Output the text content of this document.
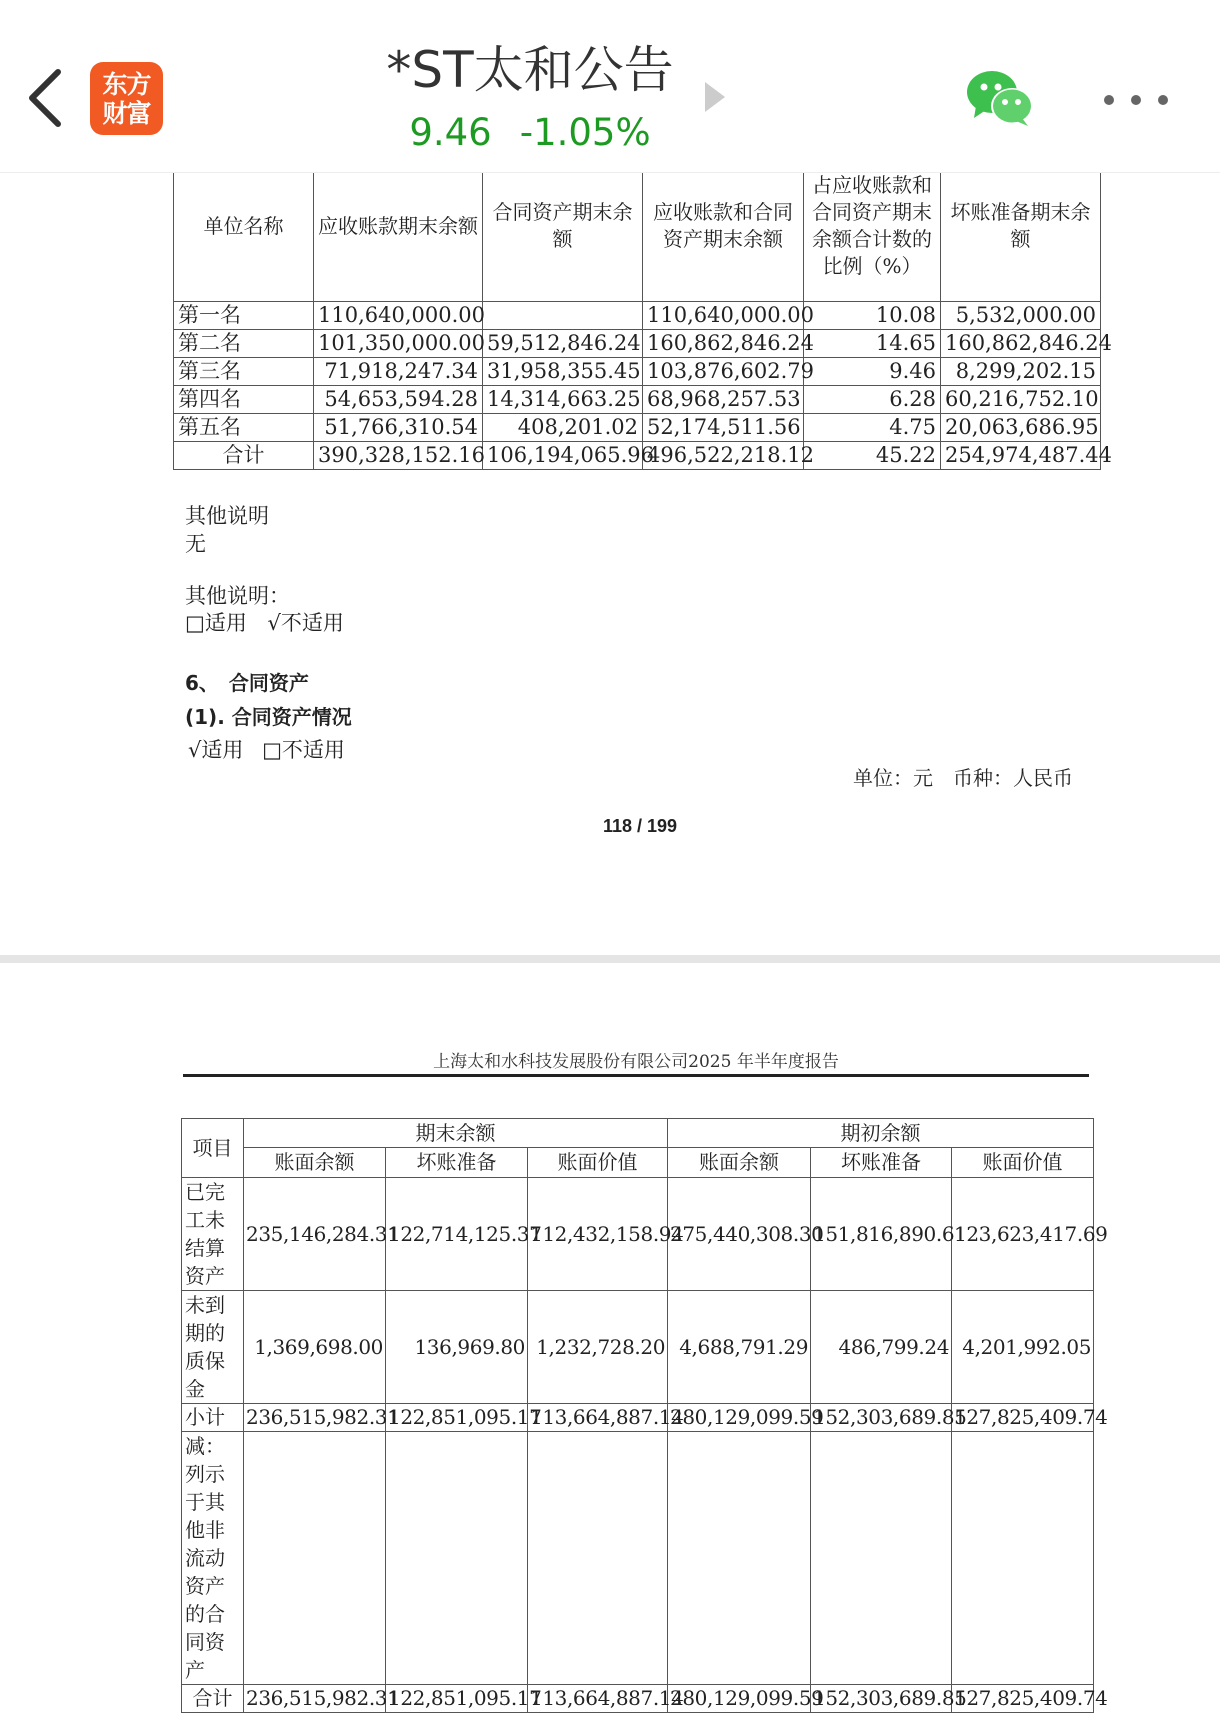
单位名称	应收账款期末余额	合同资产期末余额	应收账款和合同资产期末余额	占应收账款和合同资产期末余额合计数的比例（%）	坏账准备期末余额
第一名	110,640,000.00		110,640,000.00	10.08	5,532,000.00
第二名	101,350,000.00	59,512,846.24	160,862,846.24	14.65	160,862,846.24
第三名	71,918,247.34	31,958,355.45	103,876,602.79	9.46	8,299,202.15
第四名	54,653,594.28	14,314,663.25	68,968,257.53	6.28	60,216,752.10
第五名	51,766,310.54	408,201.02	52,174,511.56	4.75	20,063,686.95
合计	390,328,152.16	106,194,065.96	496,522,218.12	45.22	254,974,487.44
其他说明
无
其他说明：
□适用 √不适用
6、　合同资产
(1). 合同资产情况
√适用 □不适用
单位：元　币种：人民币
118 / 199
上海太和水科技发展股份有限公司2025 年半年度报告
项目	期末余额			期初余额		
	账面余额	坏账准备	账面价值	账面余额	坏账准备	账面价值
已完工未结算资产	235,146,284.31	122,714,125.37	112,432,158.94	275,440,308.30	151,816,890.61	123,623,417.69
未到期的质保金	1,369,698.00	136,969.80	1,232,728.20	4,688,791.29	486,799.24	4,201,992.05
小计	236,515,982.31	122,851,095.17	113,664,887.14	280,129,099.59	152,303,689.85	127,825,409.74
减：列示于其他非流动资产的合同资产						
合计	236,515,982.31	122,851,095.17	113,664,887.14	280,129,099.59	152,303,689.85	127,825,409.74
东方
财富
*ST太和公告
9.46 -1.05%
